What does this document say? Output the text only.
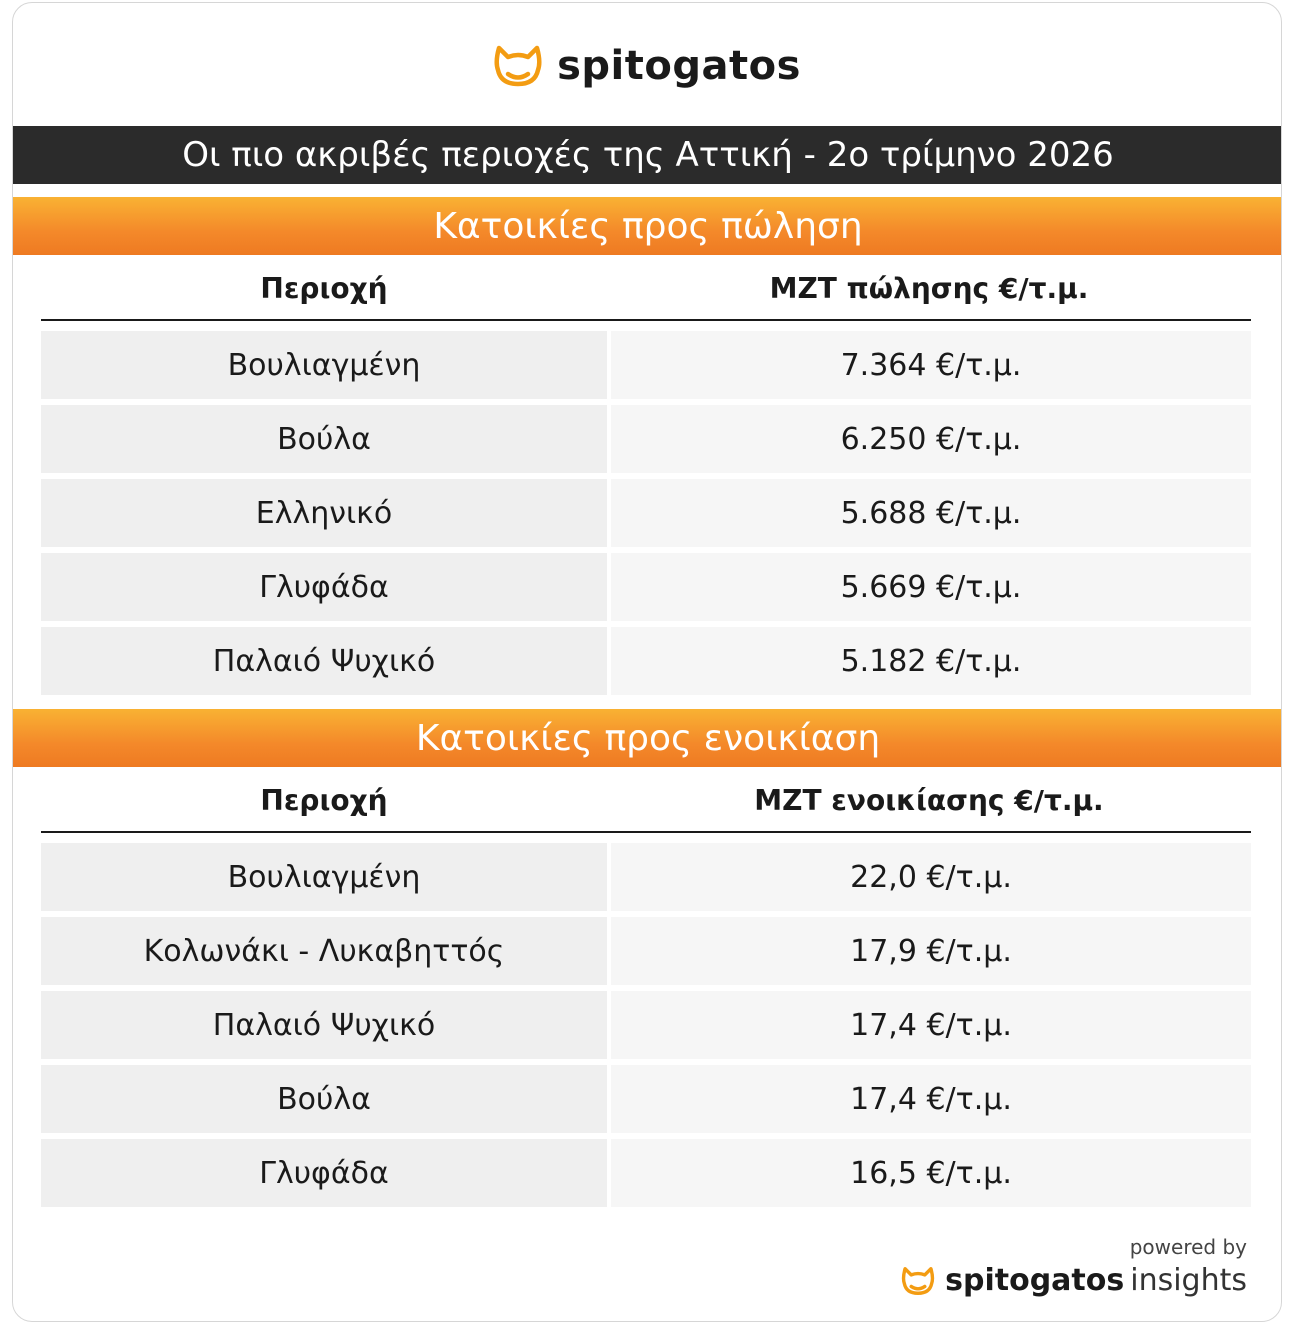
spitogatos
Οι πιο ακριβές περιοχές της Αττική - 2ο τρίμηνο 2026
Κατοικίες προς πώληση
Περιοχή	ΜΖΤ πώλησης €/τ.μ.
Βουλιαγμένη	7.364 €/τ.μ.
Βούλα	6.250 €/τ.μ.
Ελληνικό	5.688 €/τ.μ.
Γλυφάδα	5.669 €/τ.μ.
Παλαιό Ψυχικό	5.182 €/τ.μ.
Κατοικίες προς ενοικίαση
Περιοχή	ΜΖΤ ενοικίασης €/τ.μ.
Βουλιαγμένη	22,0 €/τ.μ.
Κολωνάκι - Λυκαβηττός	17,9 €/τ.μ.
Παλαιό Ψυχικό	17,4 €/τ.μ.
Βούλα	17,4 €/τ.μ.
Γλυφάδα	16,5 €/τ.μ.
powered by
spitogatos insights
